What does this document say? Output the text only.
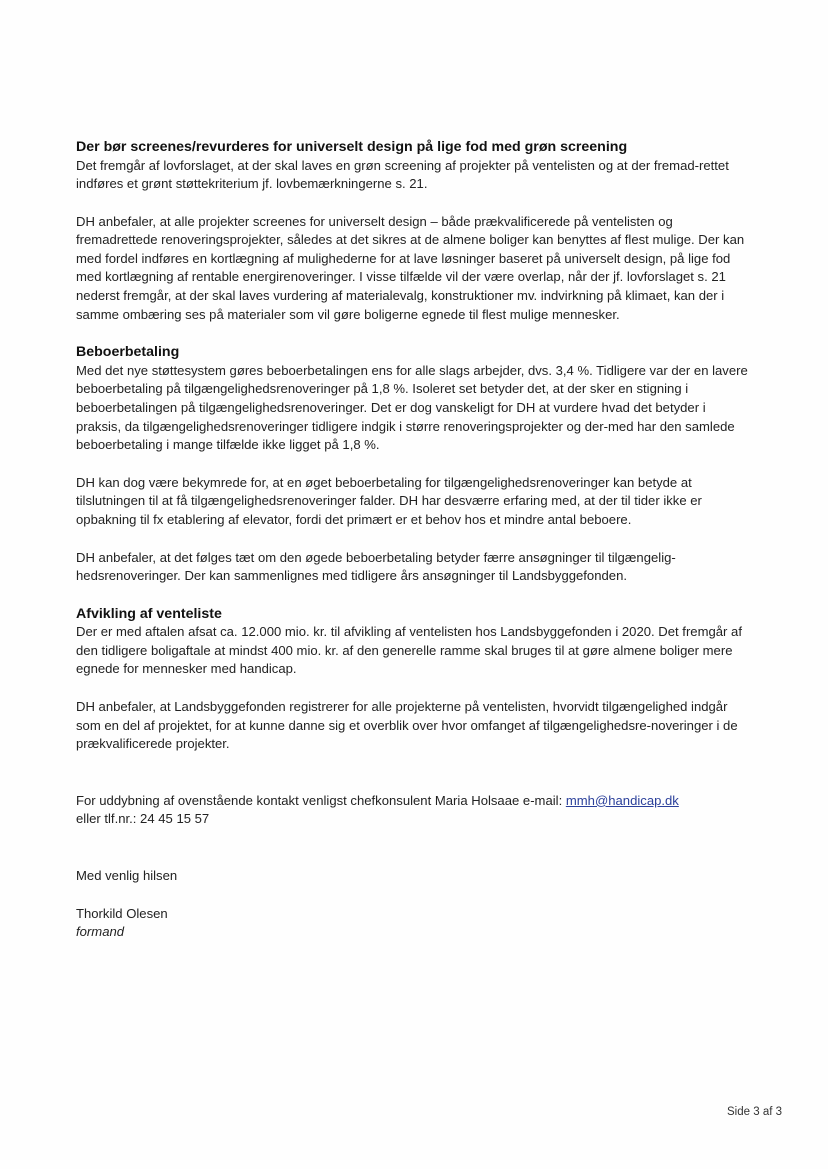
Der bør screenes/revurderes for universelt design på lige fod med grøn screening

Det fremgår af lovforslaget, at der skal laves en grøn screening af projekter på ventelisten og at der fremad-rettet indføres et grønt støttekriterium jf. lovbemærkningerne s. 21.

DH anbefaler, at alle projekter screenes for universelt design – både prækvalificerede på ventelisten og fremadrettede renoveringsprojekter, således at det sikres at de almene boliger kan benyttes af flest mulige. Der kan med fordel indføres en kortlægning af mulighederne for at lave løsninger baseret på universelt design, på lige fod med kortlægning af rentable energirenoveringer. I visse tilfælde vil der være overlap, når der jf. lovforslaget s. 21 nederst fremgår, at der skal laves vurdering af materialevalg, konstruktioner mv. indvirkning på klimaet, kan der i samme ombæring ses på materialer som vil gøre boligerne egnede til flest mulige mennesker.

Beboerbetaling

Med det nye støttesystem gøres beboerbetalingen ens for alle slags arbejder, dvs. 3,4 %. Tidligere var der en lavere beboerbetaling på tilgængelighedsrenoveringer på 1,8 %. Isoleret set betyder det, at der sker en stigning i beboerbetalingen på tilgængelighedsrenoveringer. Det er dog vanskeligt for DH at vurdere hvad det betyder i praksis, da tilgængelighedsrenoveringer tidligere indgik i større renoveringsprojekter og der-med har den samlede beboerbetaling i mange tilfælde ikke ligget på 1,8 %.

DH kan dog være bekymrede for, at en øget beboerbetaling for tilgængelighedsrenoveringer kan betyde at tilslutningen til at få tilgængelighedsrenoveringer falder. DH har desværre erfaring med, at der til tider ikke er opbakning til fx etablering af elevator, fordi det primært er et behov hos et mindre antal beboere.

DH anbefaler, at det følges tæt om den øgede beboerbetaling betyder færre ansøgninger til tilgængelig-hedsrenoveringer. Der kan sammenlignes med tidligere års ansøgninger til Landsbyggefonden.

Afvikling af venteliste

Der er med aftalen afsat ca. 12.000 mio. kr. til afvikling af ventelisten hos Landsbyggefonden i 2020. Det fremgår af den tidligere boligaftale at mindst 400 mio. kr. af den generelle ramme skal bruges til at gøre almene boliger mere egnede for mennesker med handicap.

DH anbefaler, at Landsbyggefonden registrerer for alle projekterne på ventelisten, hvorvidt tilgængelighed indgår som en del af projektet, for at kunne danne sig et overblik over hvor omfanget af tilgængelighedsre-noveringer i de prækvalificerede projekter.

For uddybning af ovenstående kontakt venligst chefkonsulent Maria Holsaae e-mail: mmh@handicap.dk

eller tlf.nr.: 24 45 15 57

Med venlig hilsen

Thorkild Olesen

formand

Side 3 af 3
